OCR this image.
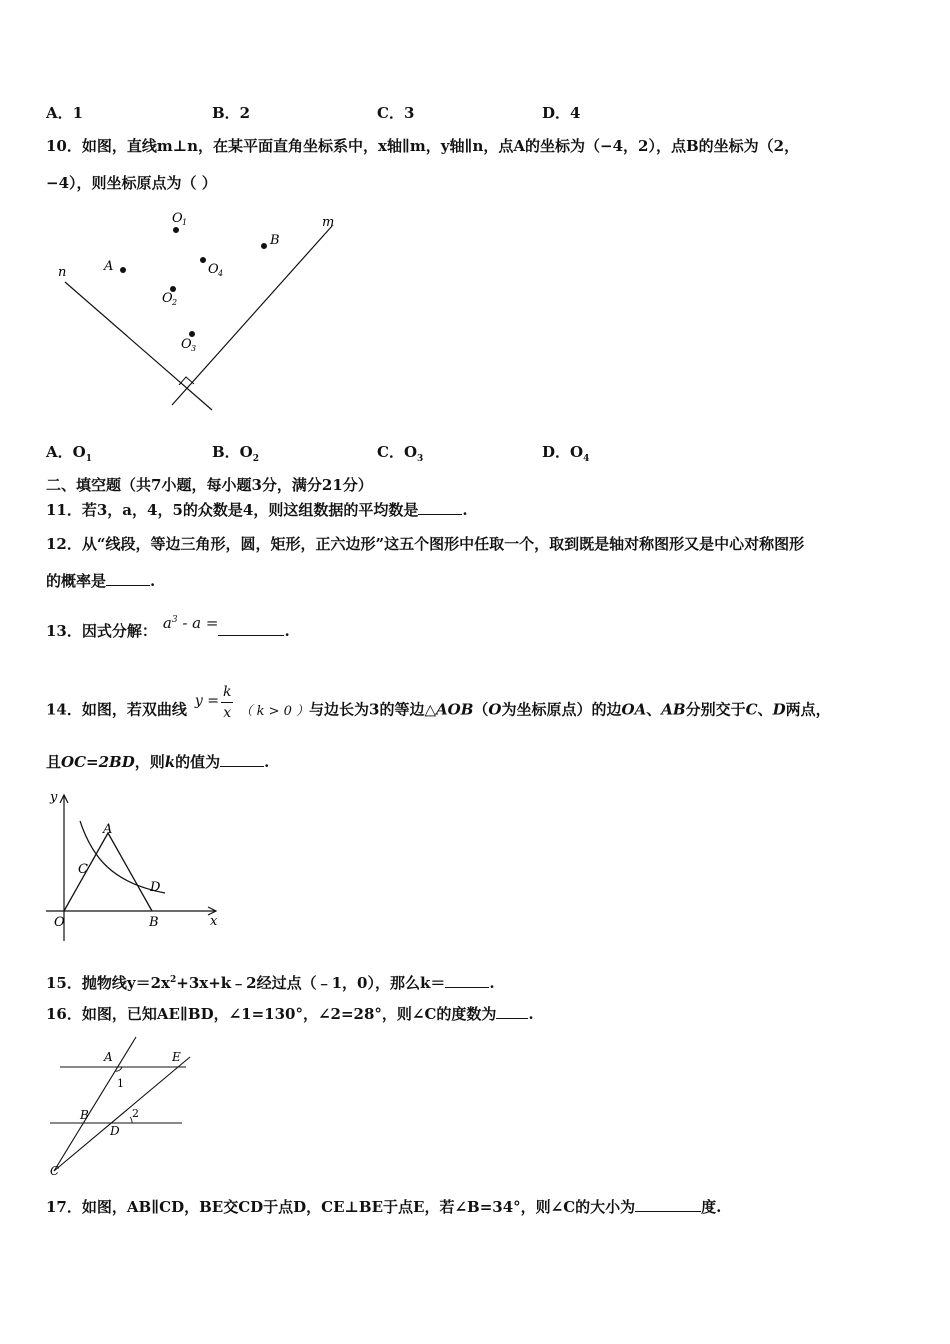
A．1	B．2	C．3	D．4
10．如图，直线m⊥n，在某平面直角坐标系中，x轴∥m，y轴∥n，点A的坐标为（−4，2），点B的坐标为（2，
−4），则坐标原点为（ ）
O 1
O 4
B
A
O 2
O 3
m
n
A．$O_1$	B．$O_2$	C．$O_3$	D．$O_4$
二、填空题（共7小题，每小题3分，满分21分）
11．若3，a，4，5的众数是4，则这组数据的平均数是	.
12．从“线段，等边三角形，圆，矩形，正六边形”这五个图形中任取一个，取到既是轴对称图形又是中心对称图形
的概率是	.
13．因式分解： $a^3$ - a =	.
14．如图，若双曲线 $y = \frac{k}{x}$ （ k > 0 ）与边长为3的等边△AOB（O为坐标原点）的边OA、AB分别交于C、D两点，
且OC=2BD，则k的值为	.
y
x
O
A
B
C
D
15．抛物线$y=2x^2+3x+k﹣2$经过点（﹣1，0），那么k＝	.
16．如图，已知AE∥BD，∠1=130°，∠2=28°，则∠C的度数为 .
A	E
B
D
C
1
2
17．如图，AB∥CD，BE交CD于点D，CE⊥BE于点E，若∠B=34°，则∠C的大小为	度.
